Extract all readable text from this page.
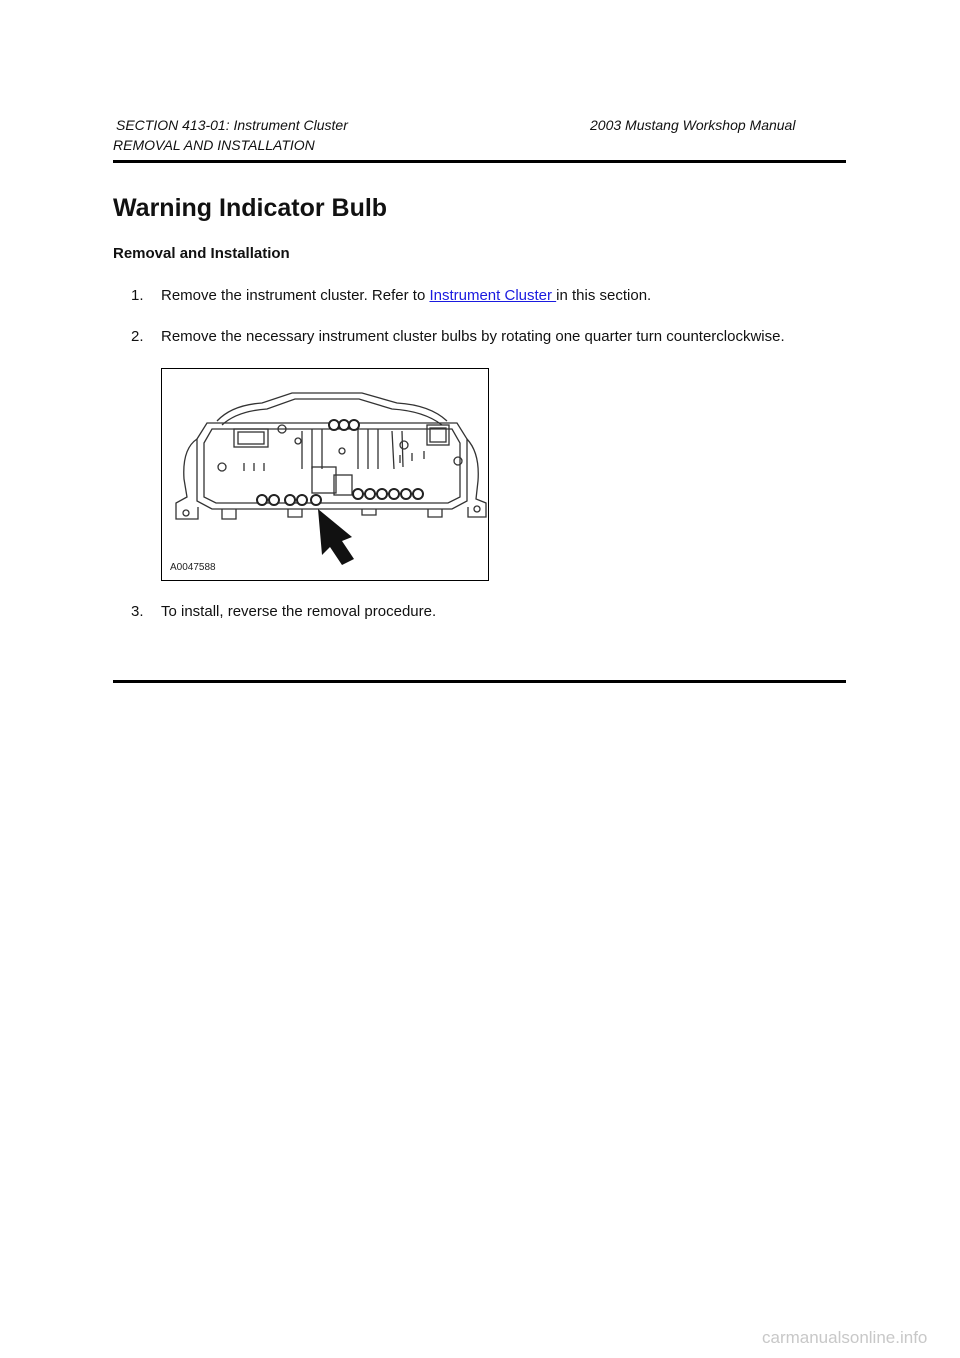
SECTION 413-01: Instrument Cluster	2003 Mustang Workshop Manual
REMOVAL AND INSTALLATION
Warning Indicator Bulb
Removal and Installation
1. Remove the instrument cluster. Refer to Instrument Cluster in this section.
2. Remove the necessary instrument cluster bulbs by rotating one quarter turn counterclockwise.
A0047588
3. To install, reverse the removal procedure.
carmanualsonline.info
